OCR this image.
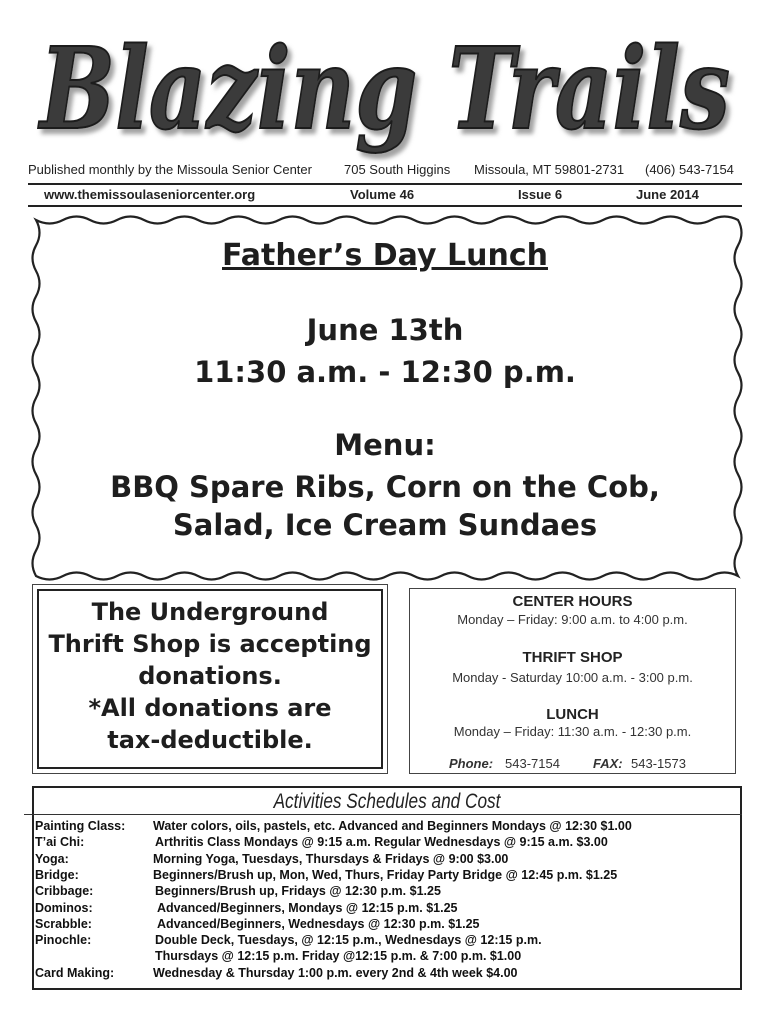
Blazing Trails
Published monthly by the Missoula Senior Center 705 South Higgins Missoula, MT 59801-2731 (406) 543-7154
www.themissoulaseniorcenter.org	Volume 46	Issue 6	June 2014
Father’s Day Lunch
June 13th
11:30 a.m. - 12:30 p.m.
Menu:
BBQ Spare Ribs, Corn on the Cob,
Salad, Ice Cream Sundaes
The Underground
Thrift Shop is accepting
donations.
*All donations are
tax-deductible.
CENTER HOURS
Monday – Friday: 9:00 a.m. to 4:00 p.m.
THRIFT SHOP
Monday - Saturday 10:00 a.m. - 3:00 p.m.
LUNCH
Monday – Friday: 11:30 a.m. - 12:30 p.m.
Phone: 543-7154	FAX: 543-1573
Activities Schedules and Cost
Painting Class: Water colors, oils, pastels, etc. Advanced and Beginners Mondays @ 12:30 $1.00
T’ai Chi:	Arthritis Class Mondays @ 9:15 a.m. Regular Wednesdays @ 9:15 a.m. $3.00
Yoga:	Morning Yoga, Tuesdays, Thursdays & Fridays @ 9:00 $3.00
Bridge:	Beginners/Brush up, Mon, Wed, Thurs, Friday Party Bridge @ 12:45 p.m. $1.25
Cribbage:	Beginners/Brush up, Fridays @ 12:30 p.m. $1.25
Dominos:	Advanced/Beginners, Mondays @ 12:15 p.m. $1.25
Scrabble:	Advanced/Beginners, Wednesdays @ 12:30 p.m. $1.25
Pinochle:	Double Deck, Tuesdays, @ 12:15 p.m., Wednesdays @ 12:15 p.m.
Thursdays @ 12:15 p.m. Friday @12:15 p.m. & 7:00 p.m. $1.00
Card Making:	Wednesday & Thursday 1:00 p.m. every 2nd & 4th week $4.00
